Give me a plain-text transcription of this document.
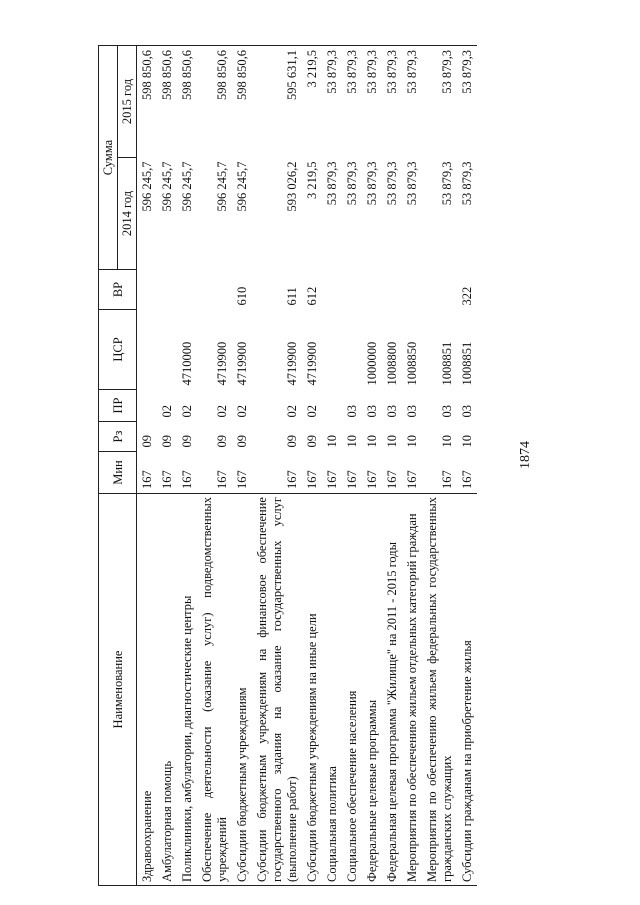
1874
Наименование	Мин	Рз	ПР	ЦСР	ВР	Сумма	
						2014 год	2015 год
Здравоохранение	167	09				596 245,7	598 850,6
Амбулаторная помощь	167	09	02			596 245,7	598 850,6
Поликлиники, амбулатории, диагностические центры	167	09	02	4710000		596 245,7	598 850,6
Обеспечение деятельности (оказание услуг) подведомственных учреждений	167	09	02	4719900		596 245,7	598 850,6
Субсидии бюджетным учреждениям	167	09	02	4719900	610	596 245,7	598 850,6
Субсидии бюджетным учреждениям на финансовое обеспечение государственного задания на оказание государственных услуг (выполнение работ)	167	09	02	4719900	611	593 026,2	595 631,1
Субсидии бюджетным учреждениям на иные цели	167	09	02	4719900	612	3 219,5	3 219,5
Социальная политика	167	10				53 879,3	53 879,3
Социальное обеспечение населения	167	10	03			53 879,3	53 879,3
Федеральные целевые программы	167	10	03	1000000		53 879,3	53 879,3
Федеральная целевая программа "Жилище" на 2011 - 2015 годы	167	10	03	1008800		53 879,3	53 879,3
Мероприятия по обеспечению жильем отдельных категорий граждан	167	10	03	1008850		53 879,3	53 879,3
Мероприятия по обеспечению жильем федеральных государственных гражданских служащих	167	10	03	1008851		53 879,3	53 879,3
Субсидии гражданам на приобретение жилья	167	10	03	1008851	322	53 879,3	53 879,3
